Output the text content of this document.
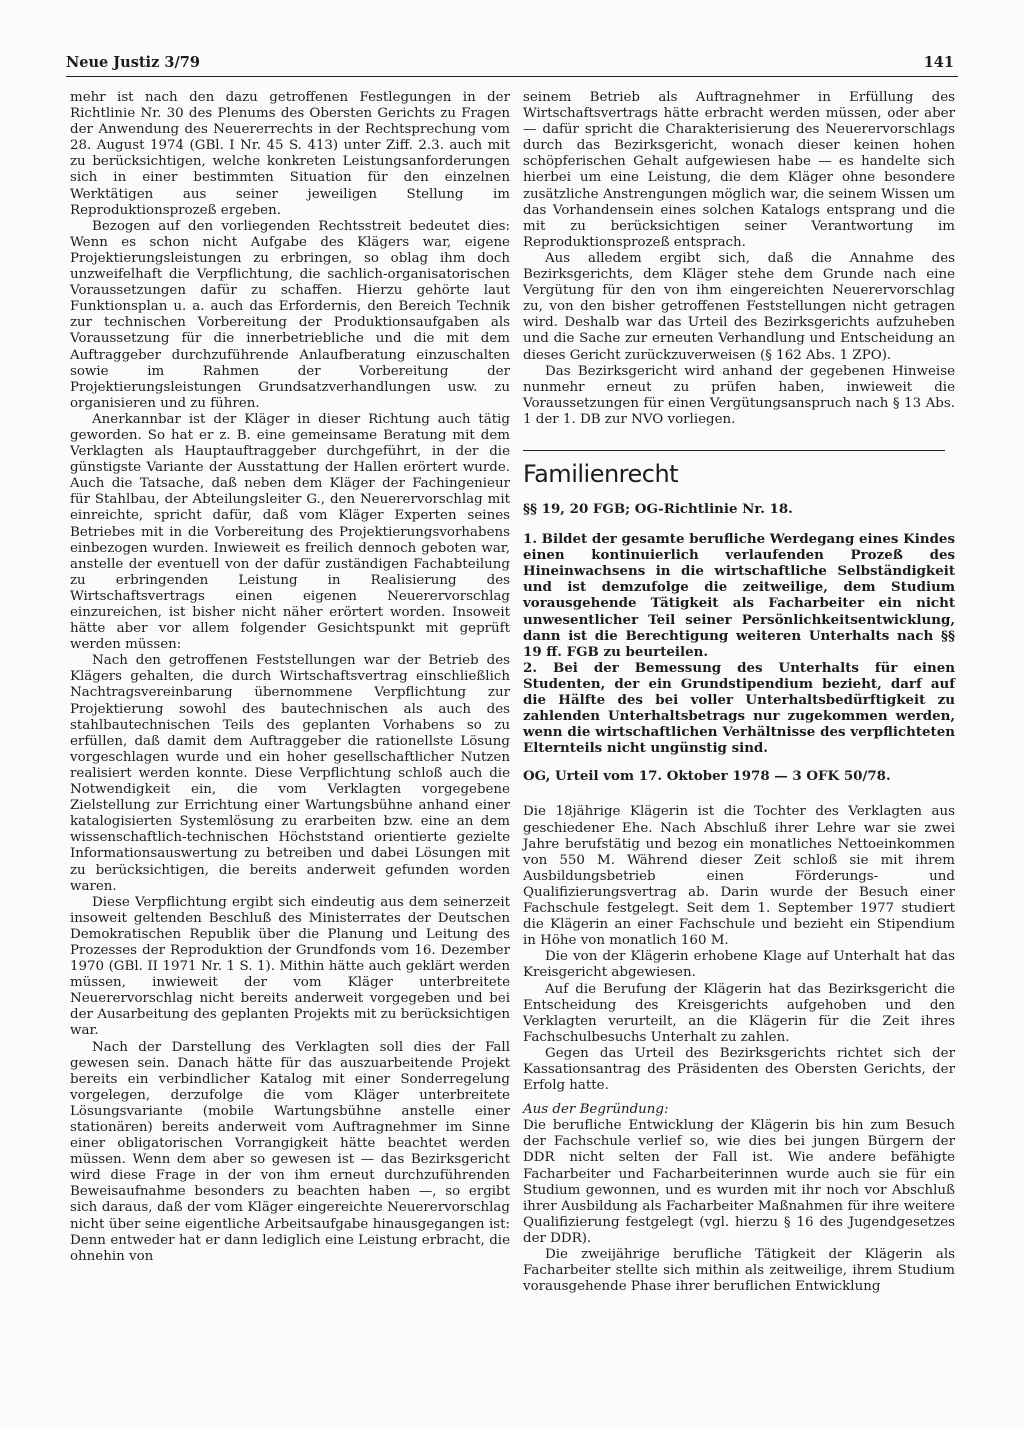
Neue Justiz 3/79	141

mehr ist nach den dazu getroffenen Festlegungen in der Richtlinie Nr. 30 des Plenums des Obersten Gerichts zu Fragen der Anwendung des Neuererrechts in der Rechtsprechung vom 28. August 1974 (GBl. I Nr. 45 S. 413) unter Ziff. 2.3. auch mit zu berücksichtigen, welche konkreten Leistungsanforderungen sich in einer bestimmten Situation für den einzelnen Werktätigen aus seiner jeweiligen Stellung im Reproduktionsprozeß ergeben.

Bezogen auf den vorliegenden Rechtsstreit bedeutet dies: Wenn es schon nicht Aufgabe des Klägers war, eigene Projektierungsleistungen zu erbringen, so oblag ihm doch unzweifelhaft die Verpflichtung, die sachlich-organisatorischen Voraussetzungen dafür zu schaffen. Hierzu gehörte laut Funktionsplan u. a. auch das Erfordernis, den Bereich Technik zur technischen Vorbereitung der Produktionsaufgaben als Voraussetzung für die innerbetriebliche und die mit dem Auftraggeber durchzuführende Anlaufberatung einzuschalten sowie im Rahmen der Vorbereitung der Projektierungsleistungen Grundsatzverhandlungen usw. zu organisieren und zu führen.

Anerkannbar ist der Kläger in dieser Richtung auch tätig geworden. So hat er z. B. eine gemeinsame Beratung mit dem Verklagten als Hauptauftraggeber durchgeführt, in der die günstigste Variante der Ausstattung der Hallen erörtert wurde. Auch die Tatsache, daß neben dem Kläger der Fachingenieur für Stahlbau, der Abteilungsleiter G., den Neuerervorschlag mit einreichte, spricht dafür, daß vom Kläger Experten seines Betriebes mit in die Vorbereitung des Projektierungsvorhabens einbezogen wurden. Inwieweit es freilich dennoch geboten war, anstelle der eventuell von der dafür zuständigen Fachabteilung zu erbringenden Leistung in Realisierung des Wirtschaftsvertrags einen eigenen Neuerervorschlag einzureichen, ist bisher nicht näher erörtert worden. Insoweit hätte aber vor allem folgender Gesichtspunkt mit geprüft werden müssen:

Nach den getroffenen Feststellungen war der Betrieb des Klägers gehalten, die durch Wirtschaftsvertrag einschließlich Nachtragsvereinbarung übernommene Verpflichtung zur Projektierung sowohl des bautechnischen als auch des stahlbautechnischen Teils des geplanten Vorhabens so zu erfüllen, daß damit dem Auftraggeber die rationellste Lösung vorgeschlagen wurde und ein hoher gesellschaftlicher Nutzen realisiert werden konnte. Diese Verpflichtung schloß auch die Notwendigkeit ein, die vom Verklagten vorgegebene Zielstellung zur Errichtung einer Wartungsbühne anhand einer katalogisierten Systemlösung zu erarbeiten bzw. eine an dem wissenschaftlich-technischen Höchststand orientierte gezielte Informationsauswertung zu betreiben und dabei Lösungen mit zu berücksichtigen, die bereits anderweit gefunden worden waren.

Diese Verpflichtung ergibt sich eindeutig aus dem seinerzeit insoweit geltenden Beschluß des Ministerrates der Deutschen Demokratischen Republik über die Planung und Leitung des Prozesses der Reproduktion der Grundfonds vom 16. Dezember 1970 (GBl. II 1971 Nr. 1 S. 1). Mithin hätte auch geklärt werden müssen, inwieweit der vom Kläger unterbreitete Neuerervorschlag nicht bereits anderweit vorgegeben und bei der Ausarbeitung des geplanten Projekts mit zu berücksichtigen war.

Nach der Darstellung des Verklagten soll dies der Fall gewesen sein. Danach hätte für das auszuarbeitende Projekt bereits ein verbindlicher Katalog mit einer Sonderregelung vorgelegen, derzufolge die vom Kläger unterbreitete Lösungsvariante (mobile Wartungsbühne anstelle einer stationären) bereits anderweit vom Auftragnehmer im Sinne einer obligatorischen Vorrangigkeit hätte beachtet werden müssen. Wenn dem aber so gewesen ist — das Bezirksgericht wird diese Frage in der von ihm erneut durchzuführenden Beweisaufnahme besonders zu beachten haben —, so ergibt sich daraus, daß der vom Kläger eingereichte Neuerervorschlag nicht über seine eigentliche Arbeitsaufgabe hinausgegangen ist: Denn entweder hat er dann lediglich eine Leistung erbracht, die ohnehin von

seinem Betrieb als Auftragnehmer in Erfüllung des Wirtschaftsvertrags hätte erbracht werden müssen, oder aber — dafür spricht die Charakterisierung des Neuerervorschlags durch das Bezirksgericht, wonach dieser keinen hohen schöpferischen Gehalt aufgewiesen habe — es handelte sich hierbei um eine Leistung, die dem Kläger ohne besondere zusätzliche Anstrengungen möglich war, die seinem Wissen um das Vorhandensein eines solchen Katalogs entsprang und die mit zu berücksichtigen seiner Verantwortung im Reproduktionsprozeß entsprach.

Aus alledem ergibt sich, daß die Annahme des Bezirksgerichts, dem Kläger stehe dem Grunde nach eine Vergütung für den von ihm eingereichten Neuerervorschlag zu, von den bisher getroffenen Feststellungen nicht getragen wird. Deshalb war das Urteil des Bezirksgerichts aufzuheben und die Sache zur erneuten Verhandlung und Entscheidung an dieses Gericht zurückzuverweisen (§ 162 Abs. 1 ZPO).

Das Bezirksgericht wird anhand der gegebenen Hinweise nunmehr erneut zu prüfen haben, inwieweit die Voraussetzungen für einen Vergütungsanspruch nach § 13 Abs. 1 der 1. DB zur NVO vorliegen.

Familienrecht
§§ 19, 20 FGB; OG-Richtlinie Nr. 18.

1. Bildet der gesamte berufliche Werdegang eines Kindes einen kontinuierlich verlaufenden Prozeß des Hineinwachsens in die wirtschaftliche Selbständigkeit und ist demzufolge die zeitweilige, dem Studium vorausgehende Tätigkeit als Facharbeiter ein nicht unwesentlicher Teil seiner Persönlichkeitsentwicklung, dann ist die Berechtigung weiteren Unterhalts nach §§ 19 ff. FGB zu beurteilen.

2. Bei der Bemessung des Unterhalts für einen Studenten, der ein Grundstipendium bezieht, darf auf die Hälfte des bei voller Unterhaltsbedürftigkeit zu zahlenden Unterhaltsbetrags nur zugekommen werden, wenn die wirtschaftlichen Verhältnisse des verpflichteten Elternteils nicht ungünstig sind.

OG, Urteil vom 17. Oktober 1978 — 3 OFK 50/78.

Die 18jährige Klägerin ist die Tochter des Verklagten aus geschiedener Ehe. Nach Abschluß ihrer Lehre war sie zwei Jahre berufstätig und bezog ein monatliches Nettoeinkommen von 550 M. Während dieser Zeit schloß sie mit ihrem Ausbildungsbetrieb einen Förderungs- und Qualifizierungsvertrag ab. Darin wurde der Besuch einer Fachschule festgelegt. Seit dem 1. September 1977 studiert die Klägerin an einer Fachschule und bezieht ein Stipendium in Höhe von monatlich 160 M.

Die von der Klägerin erhobene Klage auf Unterhalt hat das Kreisgericht abgewiesen.

Auf die Berufung der Klägerin hat das Bezirksgericht die Entscheidung des Kreisgerichts aufgehoben und den Verklagten verurteilt, an die Klägerin für die Zeit ihres Fachschulbesuchs Unterhalt zu zahlen.

Gegen das Urteil des Bezirksgerichts richtet sich der Kassationsantrag des Präsidenten des Obersten Gerichts, der Erfolg hatte.

Aus der Begründung:

Die berufliche Entwicklung der Klägerin bis hin zum Besuch der Fachschule verlief so, wie dies bei jungen Bürgern der DDR nicht selten der Fall ist. Wie andere befähigte Facharbeiter und Facharbeiterinnen wurde auch sie für ein Studium gewonnen, und es wurden mit ihr noch vor Abschluß ihrer Ausbildung als Facharbeiter Maßnahmen für ihre weitere Qualifizierung festgelegt (vgl. hierzu § 16 des Jugendgesetzes der DDR).

Die zweijährige berufliche Tätigkeit der Klägerin als Facharbeiter stellte sich mithin als zeitweilige, ihrem Studium vorausgehende Phase ihrer beruflichen Entwicklung
